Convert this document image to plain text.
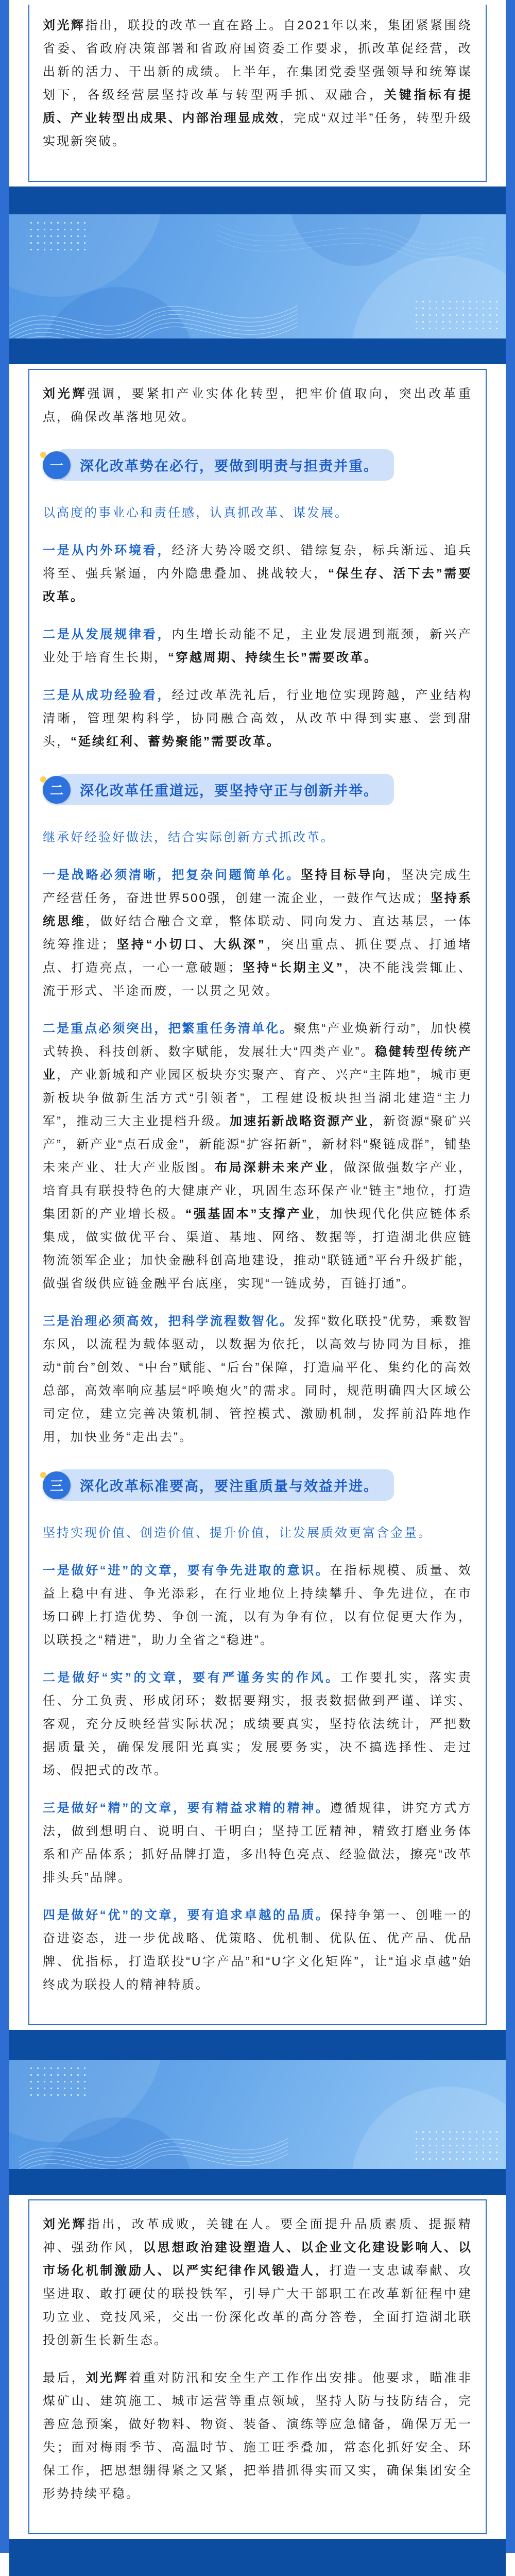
刘光辉指出，联投的改革一直在路上。自2021年以来，集团紧紧围绕省委、省政府决策部署和省政府国资委工作要求，抓改革促经营，改出新的活力、干出新的成绩。上半年，在集团党委坚强领导和统筹谋划下，各级经营层坚持改革与转型两手抓、双融合，关键指标有提质、产业转型出成果、内部治理显成效，完成“双过半”任务，转型升级实现新突破。

刘光辉强调，要紧扣产业实体化转型，把牢价值取向，突出改革重点，确保改革落地见效。

一	深化改革势在必行，要做到明责与担责并重。

以高度的事业心和责任感，认真抓改革、谋发展。

一是从内外环境看，经济大势冷暖交织、错综复杂，标兵渐远、追兵将至、强兵紧逼，内外隐患叠加、挑战较大，“保生存、活下去”需要改革。

二是从发展规律看，内生增长动能不足，主业发展遇到瓶颈，新兴产业处于培育生长期，“穿越周期、持续生长”需要改革。

三是从成功经验看，经过改革洗礼后，行业地位实现跨越，产业结构清晰，管理架构科学，协同融合高效，从改革中得到实惠、尝到甜头，“延续红利、蓄势聚能”需要改革。

二	深化改革任重道远，要坚持守正与创新并举。

继承好经验好做法，结合实际创新方式抓改革。

一是战略必须清晰，把复杂问题简单化。坚持目标导向，坚决完成生产经营任务，奋进世界500强，创建一流企业，一鼓作气达成；坚持系统思维，做好结合融合文章，整体联动、同向发力、直达基层，一体统筹推进；坚持“小切口、大纵深”，突出重点、抓住要点、打通堵点、打造亮点，一心一意破题；坚持“长期主义”，决不能浅尝辄止、流于形式、半途而废，一以贯之见效。

二是重点必须突出，把繁重任务清单化。聚焦“产业焕新行动”，加快模式转换、科技创新、数字赋能，发展壮大“四类产业”。稳健转型传统产业，产业新城和产业园区板块夯实聚产、育产、兴产“主阵地”，城市更新板块争做新生活方式“引领者”，工程建设板块担当湖北建造“主力军”，推动三大主业提档升级。加速拓新战略资源产业，新资源“聚矿兴产”，新产业“点石成金”，新能源“扩容拓新”，新材料“聚链成群”，铺垫未来产业、壮大产业版图。布局深耕未来产业，做深做强数字产业，培育具有联投特色的大健康产业，巩固生态环保产业“链主”地位，打造集团新的产业增长极。“强基固本”支撑产业，加快现代化供应链体系集成，做实做优平台、渠道、基地、网络、数据等，打造湖北供应链物流领军企业；加快金融科创高地建设，推动“联链通”平台升级扩能，做强省级供应链金融平台底座，实现“一链成势，百链打通”。

三是治理必须高效，把科学流程数智化。发挥“数化联投”优势，乘数智东风，以流程为载体驱动，以数据为依托，以高效与协同为目标，推动“前台”创效、“中台”赋能、“后台”保障，打造扁平化、集约化的高效总部，高效率响应基层“呼唤炮火”的需求。同时，规范明确四大区域公司定位，建立完善决策机制、管控模式、激励机制，发挥前沿阵地作用，加快业务“走出去”。

三	深化改革标准要高，要注重质量与效益并进。

坚持实现价值、创造价值、提升价值，让发展质效更富含金量。

一是做好“进”的文章，要有争先进取的意识。在指标规模、质量、效益上稳中有进、争光添彩，在行业地位上持续攀升、争先进位，在市场口碑上打造优势、争创一流，以有为争有位，以有位促更大作为，以联投之“精进”，助力全省之“稳进”。

二是做好“实”的文章，要有严谨务实的作风。工作要扎实，落实责任、分工负责、形成闭环；数据要翔实，报表数据做到严谨、详实、客观，充分反映经营实际状况；成绩要真实，坚持依法统计，严把数据质量关，确保发展阳光真实；发展要务实，决不搞选择性、走过场、假把式的改革。

三是做好“精”的文章，要有精益求精的精神。遵循规律，讲究方式方法，做到想明白、说明白、干明白；坚持工匠精神，精致打磨业务体系和产品体系；抓好品牌打造，多出特色亮点、经验做法，擦亮“改革排头兵”品牌。

四是做好“优”的文章，要有追求卓越的品质。保持争第一、创唯一的奋进姿态，进一步优战略、优策略、优机制、优队伍、优产品、优品牌、优指标，打造联投“U字产品”和“U字文化矩阵”，让“追求卓越”始终成为联投人的精神特质。

刘光辉指出，改革成败，关键在人。要全面提升品质素质、提振精神、强劲作风，以思想政治建设塑造人、以企业文化建设影响人、以市场化机制激励人、以严实纪律作风锻造人，打造一支忠诚奉献、攻坚进取、敢打硬仗的联投铁军，引导广大干部职工在改革新征程中建功立业、竞技风采，交出一份深化改革的高分答卷，全面打造湖北联投创新生长新生态。

最后，刘光辉着重对防汛和安全生产工作作出安排。他要求，瞄准非煤矿山、建筑施工、城市运营等重点领域，坚持人防与技防结合，完善应急预案，做好物料、物资、装备、演练等应急储备，确保万无一失；面对梅雨季节、高温时节、施工旺季叠加，常态化抓好安全、环保工作，把思想绷得紧之又紧，把举措抓得实而又实，确保集团安全形势持续平稳。
